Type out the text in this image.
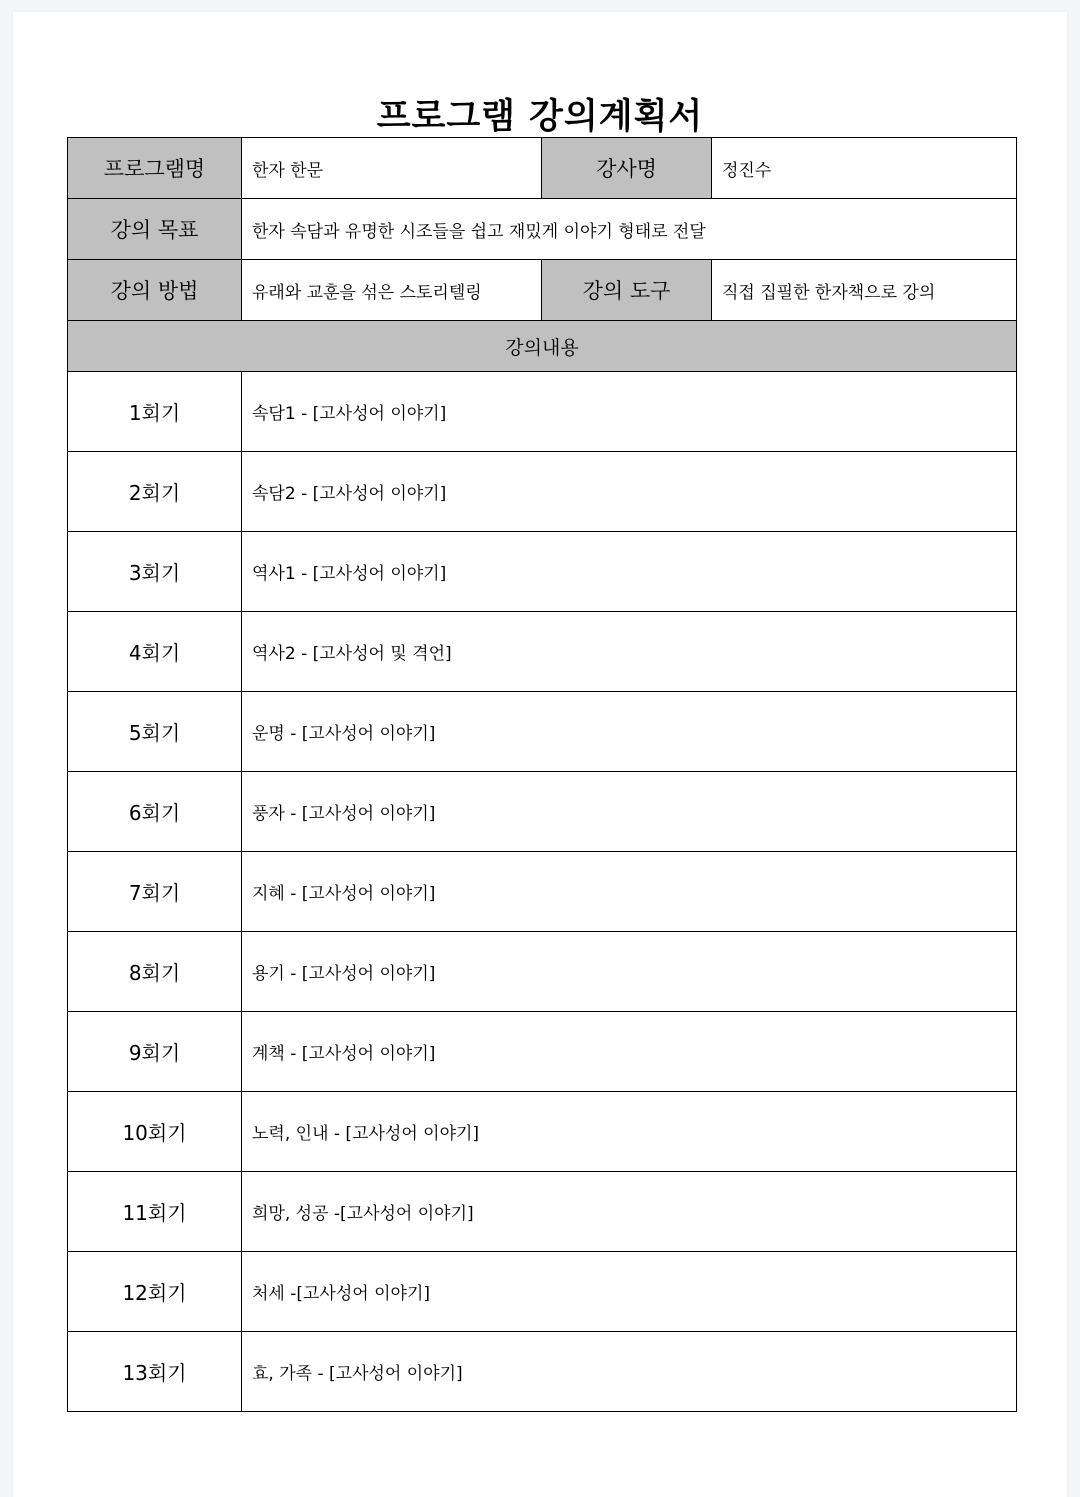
프로그램 강의계획서
프로그램명	한자 한문	강사명	정진수
강의 목표	한자 속담과 유명한 시조들을 쉽고 재밌게 이야기 형태로 전달		
강의 방법	유래와 교훈을 섞은 스토리텔링	강의 도구	직접 집필한 한자책으로 강의
강의내용			
1회기	속담1 - [고사성어 이야기]		
2회기	속담2 - [고사성어 이야기]		
3회기	역사1 - [고사성어 이야기]		
4회기	역사2 - [고사성어 및 격언]		
5회기	운명 - [고사성어 이야기]		
6회기	풍자 - [고사성어 이야기]		
7회기	지혜 - [고사성어 이야기]		
8회기	용기 - [고사성어 이야기]		
9회기	계책 - [고사성어 이야기]		
10회기	노력, 인내 - [고사성어 이야기]		
11회기	희망, 성공 -[고사성어 이야기]		
12회기	처세 -[고사성어 이야기]		
13회기	효, 가족 - [고사성어 이야기]		
